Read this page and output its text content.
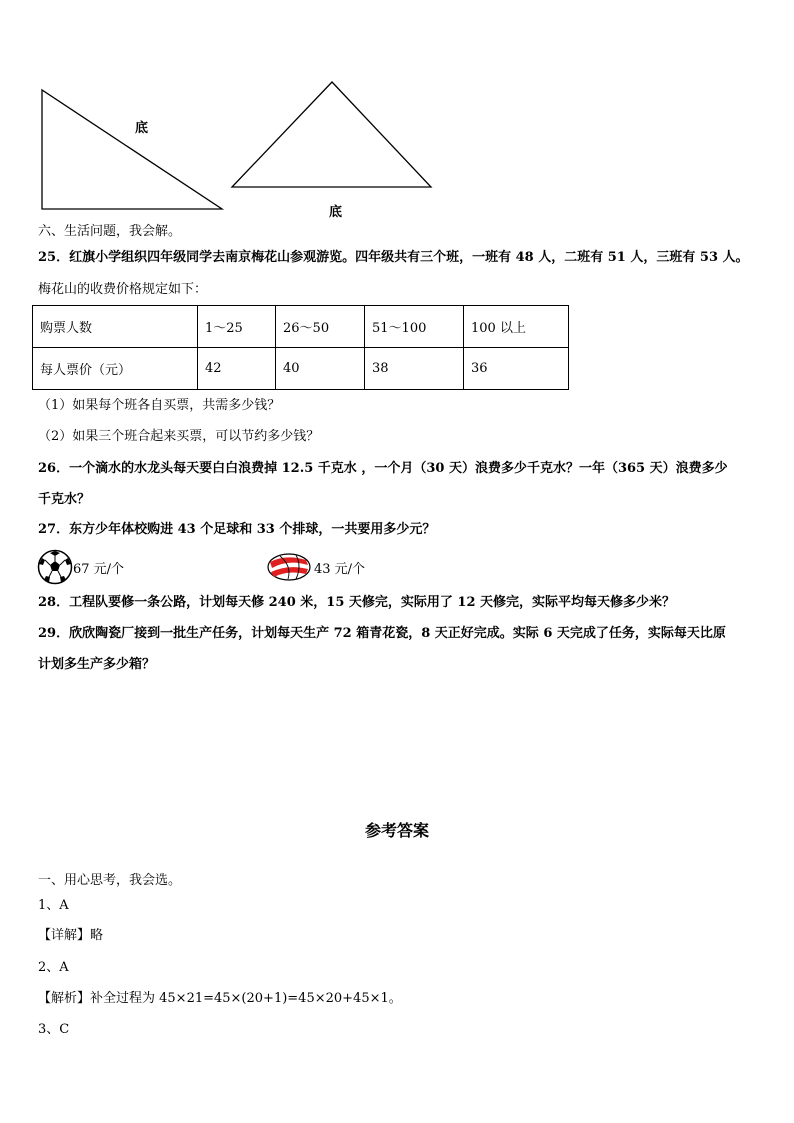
底
底
六、生活问题，我会解。
25．红旗小学组织四年级同学去南京梅花山参观游览。四年级共有三个班，一班有 48 人，二班有 51 人，三班有 53 人。
梅花山的收费价格规定如下：
购票人数	1～25	26～50	51～100	100 以上
每人票价（元）	42	40	38	36
（1）如果每个班各自买票，共需多少钱？
（2）如果三个班合起来买票，可以节约多少钱？
26．一个滴水的水龙头每天要白白浪费掉 12.5 千克水 ，一个月（30 天）浪费多少千克水？一年（365 天）浪费多少
千克水？
27．东方少年体校购进 43 个足球和 33 个排球，一共要用多少元？
67 元/个	43 元/个
28．工程队要修一条公路，计划每天修 240 米，15 天修完，实际用了 12 天修完，实际平均每天修多少米？
29．欣欣陶瓷厂接到一批生产任务，计划每天生产 72 箱青花瓷，8 天正好完成。实际 6 天完成了任务，实际每天比原
计划多生产多少箱？
参考答案
一、用心思考，我会选。
1、A
【详解】略
2、A
【解析】补全过程为 45×21=45×(20+1)=45×20+45×1。
3、C
